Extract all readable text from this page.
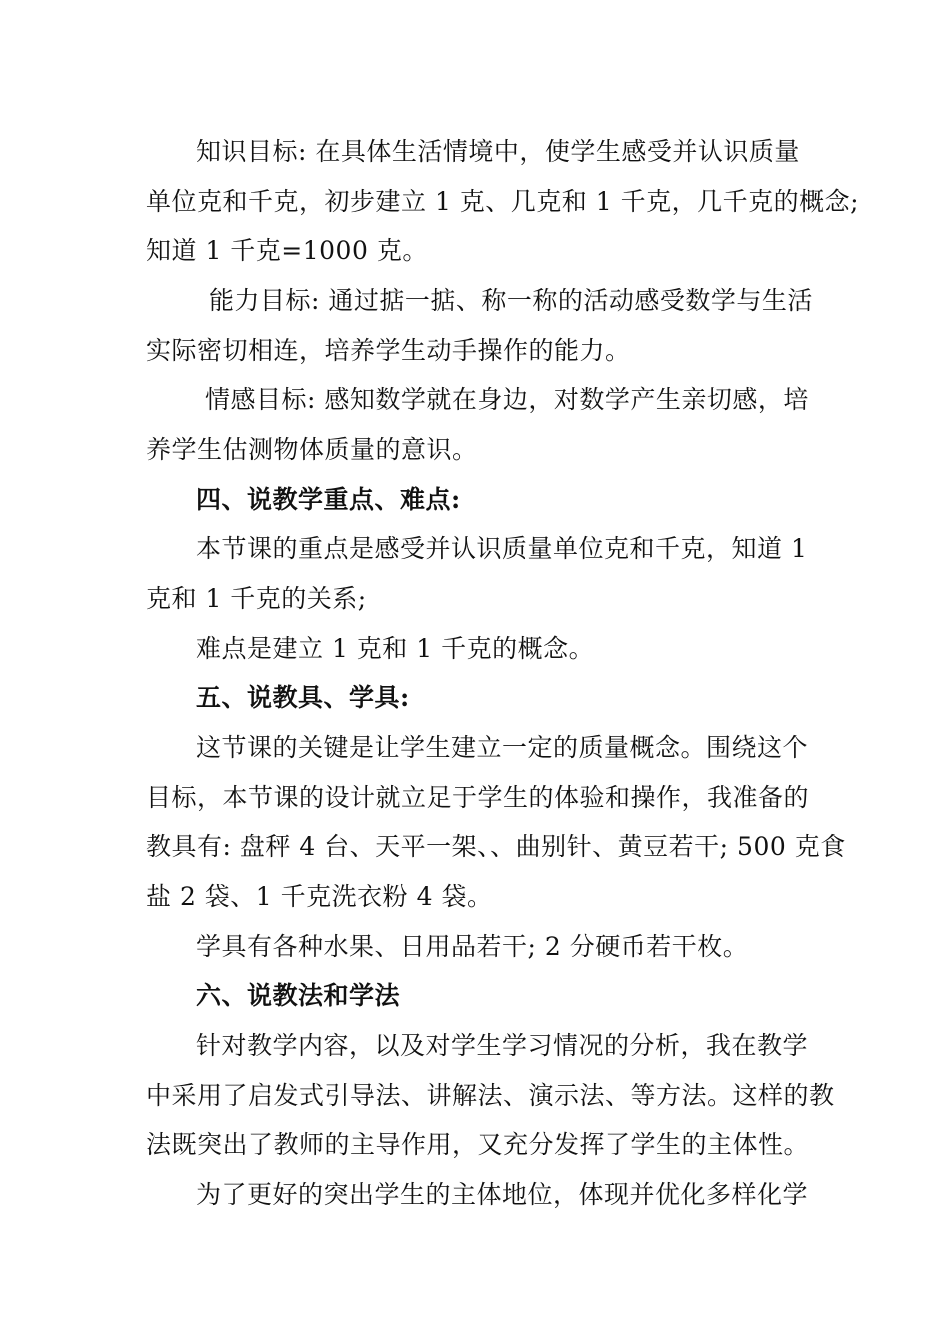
知识目标: 在具体生活情境中，使学生感受并认识质量
单位克和千克，初步建立 1 克、几克和 1 千克，几千克的概念;
知道 1 千克=1000 克。
能力目标: 通过掂一掂、称一称的活动感受数学与生活
实际密切相连，培养学生动手操作的能力。
情感目标: 感知数学就在身边，对数学产生亲切感，培
养学生估测物体质量的意识。
四、说教学重点、难点:
本节课的重点是感受并认识质量单位克和千克，知道 1
克和 1 千克的关系;
难点是建立 1 克和 1 千克的概念。
五、说教具、学具:
这节课的关键是让学生建立一定的质量概念。围绕这个
目标，本节课的设计就立足于学生的体验和操作，我准备的
教具有: 盘秤 4 台、天平一架、、曲别针、黄豆若干; 500 克食
盐 2 袋、1 千克洗衣粉 4 袋。
学具有各种水果、日用品若干; 2 分硬币若干枚。
六、说教法和学法
针对教学内容，以及对学生学习情况的分析，我在教学
中采用了启发式引导法、讲解法、演示法、等方法。这样的教
法既突出了教师的主导作用，又充分发挥了学生的主体性。
为了更好的突出学生的主体地位，体现并优化多样化学
